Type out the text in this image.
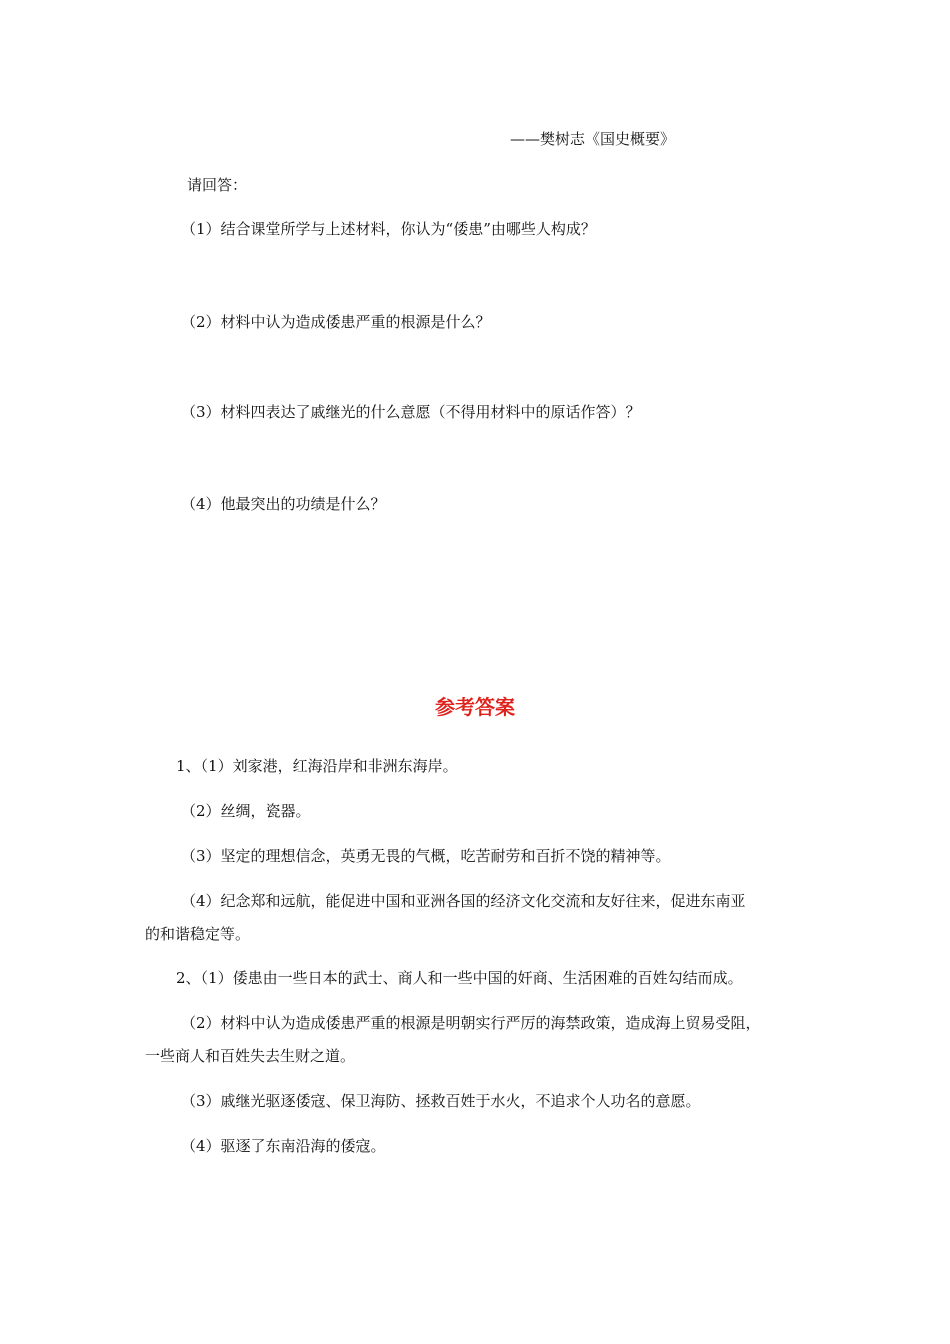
——樊树志《国史概要》
请回答：
（1）结合课堂所学与上述材料，你认为“倭患”由哪些人构成？
（2）材料中认为造成倭患严重的根源是什么？
（3）材料四表达了戚继光的什么意愿（不得用材料中的原话作答）？
（4）他最突出的功绩是什么？
参考答案
1、（1）刘家港，红海沿岸和非洲东海岸。
（2）丝绸，瓷器。
（3）坚定的理想信念，英勇无畏的气概，吃苦耐劳和百折不饶的精神等。
（4）纪念郑和远航，能促进中国和亚洲各国的经济文化交流和友好往来，促进东南亚
的和谐稳定等。
2、（1）倭患由一些日本的武士、商人和一些中国的奸商、生活困难的百姓勾结而成。
（2）材料中认为造成倭患严重的根源是明朝实行严厉的海禁政策，造成海上贸易受阻，
一些商人和百姓失去生财之道。
（3）戚继光驱逐倭寇、保卫海防、拯救百姓于水火，不追求个人功名的意愿。
（4）驱逐了东南沿海的倭寇。
